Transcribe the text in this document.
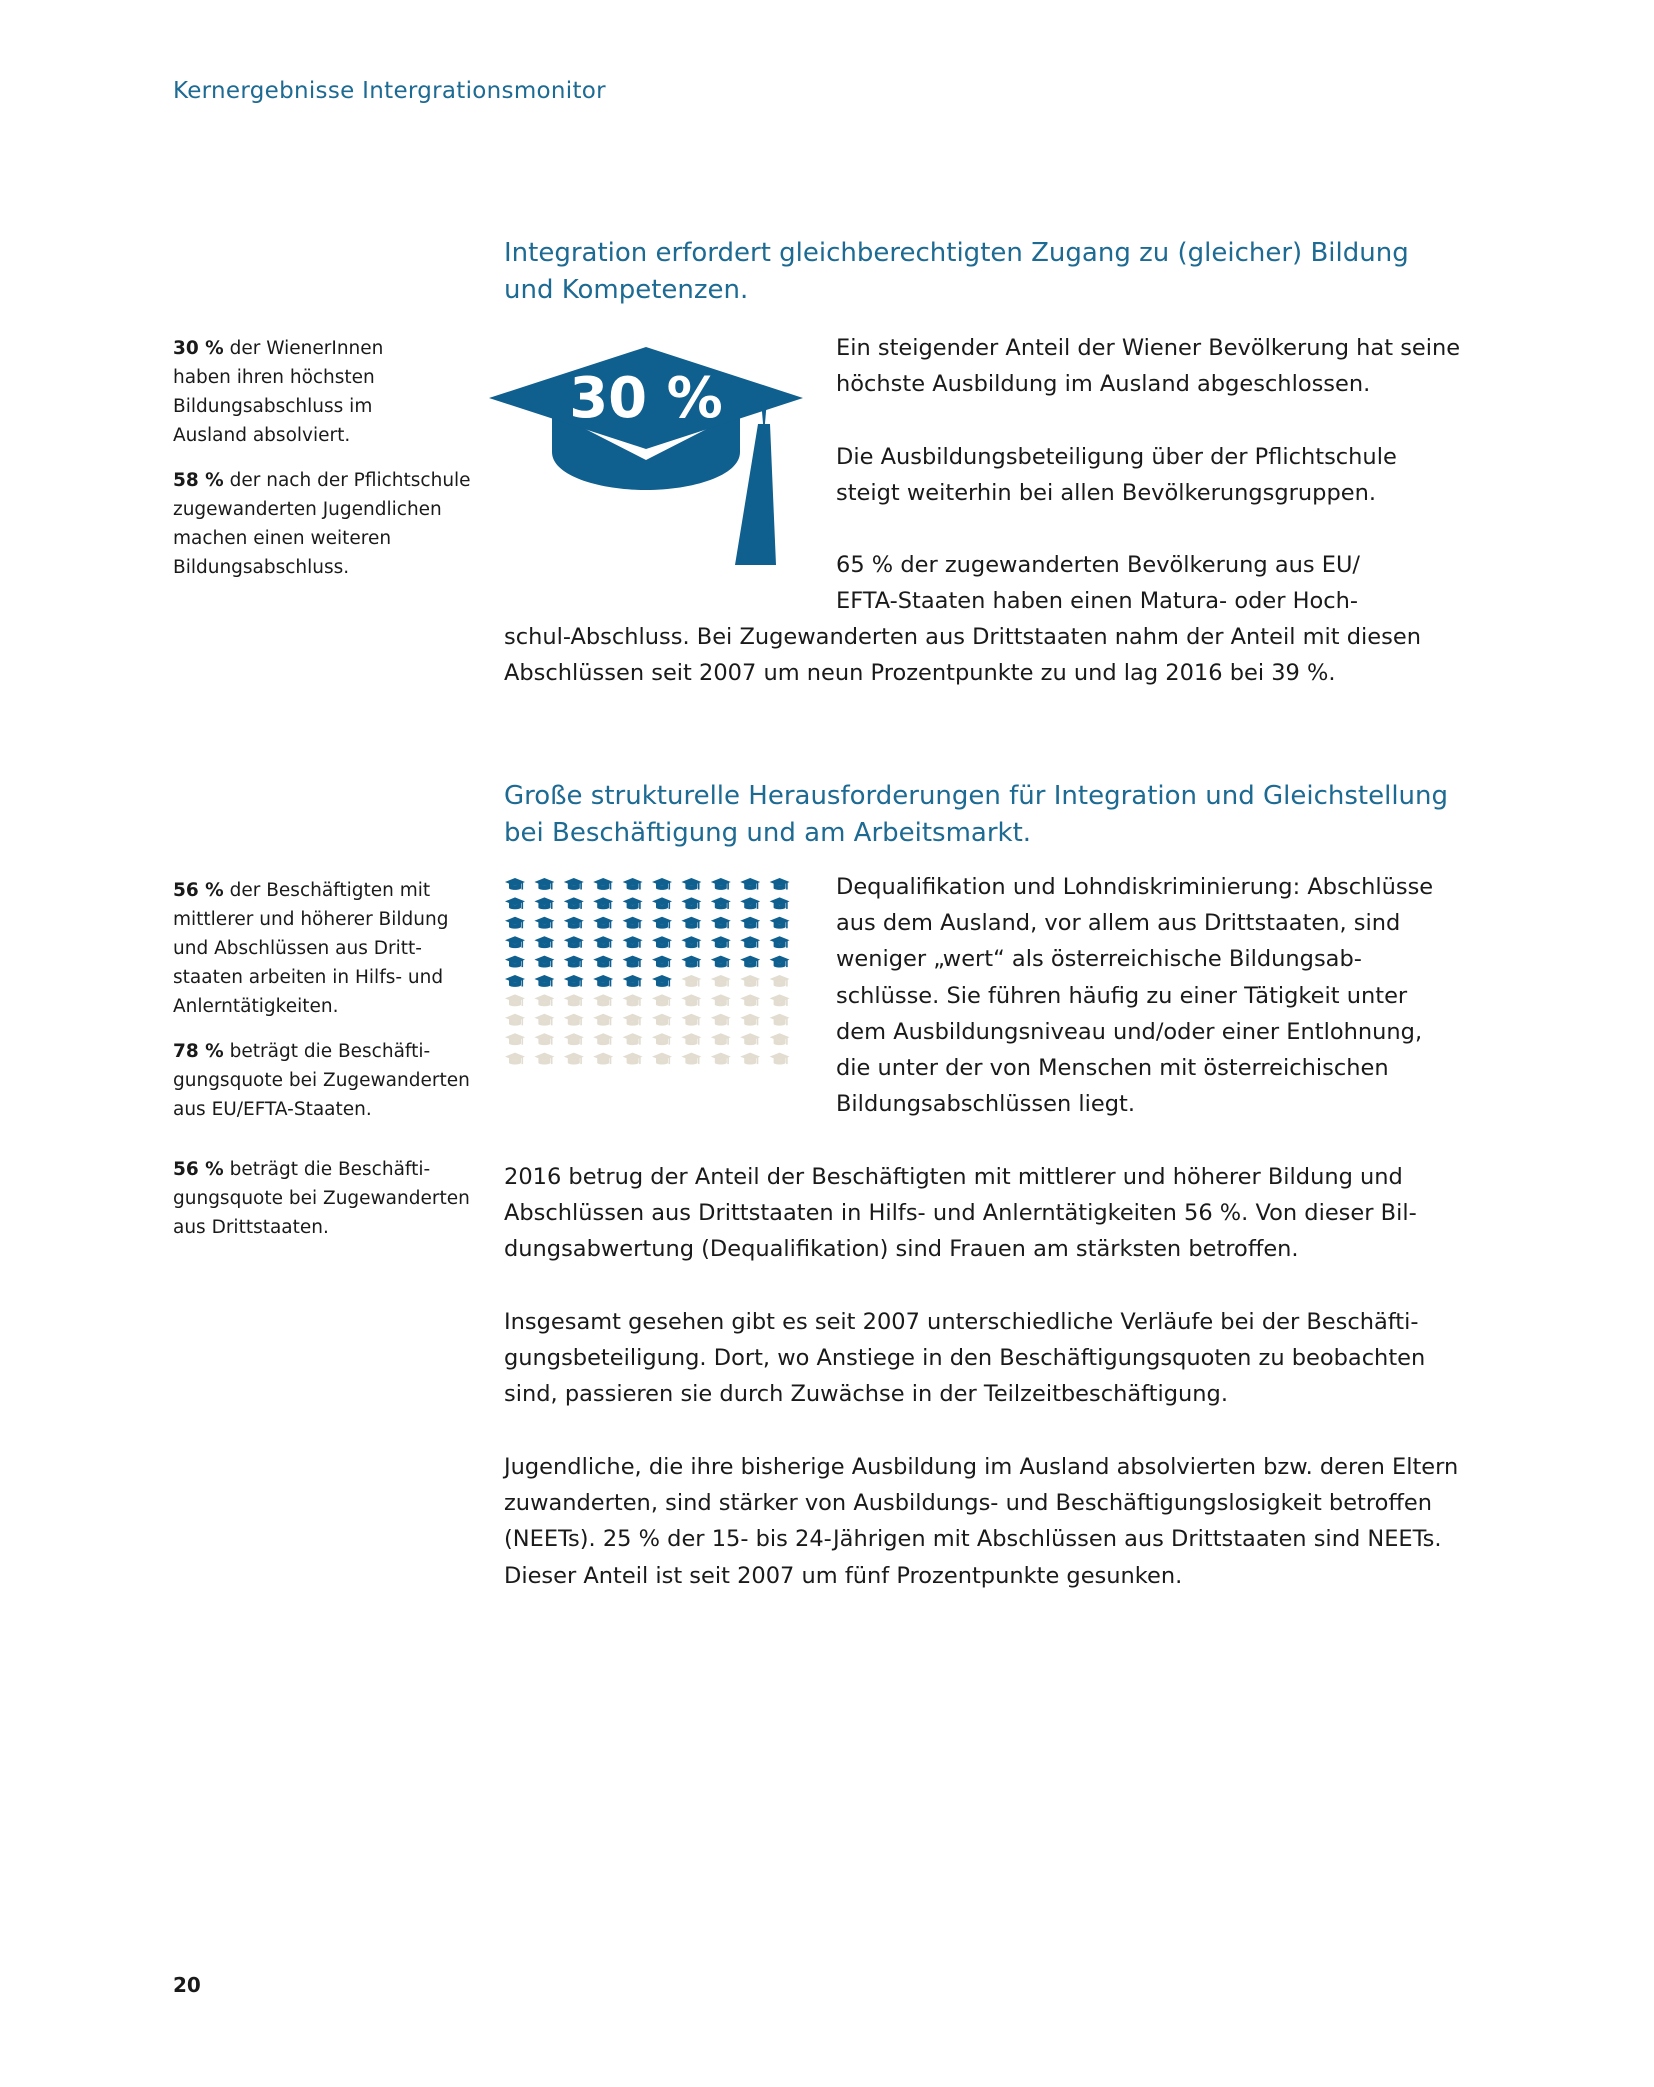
Kernergebnisse Intergrationsmonitor
Integration erfordert gleichberechtigten Zugang zu (gleicher) Bildung
und Kompetenzen.

30 % der WienerInnen

haben ihren höchsten

Bildungsabschluss im

Ausland absolviert.

58 % der nach der Pflichtschule

zugewanderten Jugendlichen

machen einen weiteren

Bildungsabschluss.

30 %

Ein steigender Anteil der Wiener Bevölkerung hat seine

höchste Ausbildung im Ausland abgeschlossen.

Die Ausbildungsbeteiligung über der Pflichtschule

steigt weiterhin bei allen Bevölkerungsgruppen.

65 % der zugewanderten Bevölkerung aus EU/

EFTA-Staaten haben einen Matura- oder Hoch-

schul-Abschluss. Bei Zugewanderten aus Drittstaaten nahm der Anteil mit diesen

Abschlüssen seit 2007 um neun Prozentpunkte zu und lag 2016 bei 39 %.

Große strukturelle Herausforderungen für Integration und Gleichstellung
bei Beschäftigung und am Arbeitsmarkt.

56 % der Beschäftigten mit

mittlerer und höherer Bildung

und Abschlüssen aus Dritt-

staaten arbeiten in Hilfs- und

Anlerntätigkeiten.

78 % beträgt die Beschäfti-

gungsquote bei Zugewanderten

aus EU/EFTA-Staaten.

56 % beträgt die Beschäfti-

gungsquote bei Zugewanderten

aus Drittstaaten.

Dequalifikation und Lohndiskriminierung: Abschlüsse

aus dem Ausland, vor allem aus Drittstaaten, sind

weniger „wert“ als österreichische Bildungsab-

schlüsse. Sie führen häufig zu einer Tätigkeit unter

dem Ausbildungsniveau und/oder einer Entlohnung,

die unter der von Menschen mit österreichischen

Bildungsabschlüssen liegt.

2016 betrug der Anteil der Beschäftigten mit mittlerer und höherer Bildung und

Abschlüssen aus Drittstaaten in Hilfs- und Anlerntätigkeiten 56 %. Von dieser Bil-

dungsabwertung (Dequalifikation) sind Frauen am stärksten betroffen.

Insgesamt gesehen gibt es seit 2007 unterschiedliche Verläufe bei der Beschäfti-

gungsbeteiligung. Dort, wo Anstiege in den Beschäftigungsquoten zu beobachten

sind, passieren sie durch Zuwächse in der Teilzeitbeschäftigung.

Jugendliche, die ihre bisherige Ausbildung im Ausland absolvierten bzw. deren Eltern

zuwanderten, sind stärker von Ausbildungs- und Beschäftigungslosigkeit betroffen

(NEETs). 25 % der 15- bis 24-Jährigen mit Abschlüssen aus Drittstaaten sind NEETs.

Dieser Anteil ist seit 2007 um fünf Prozentpunkte gesunken.

20
